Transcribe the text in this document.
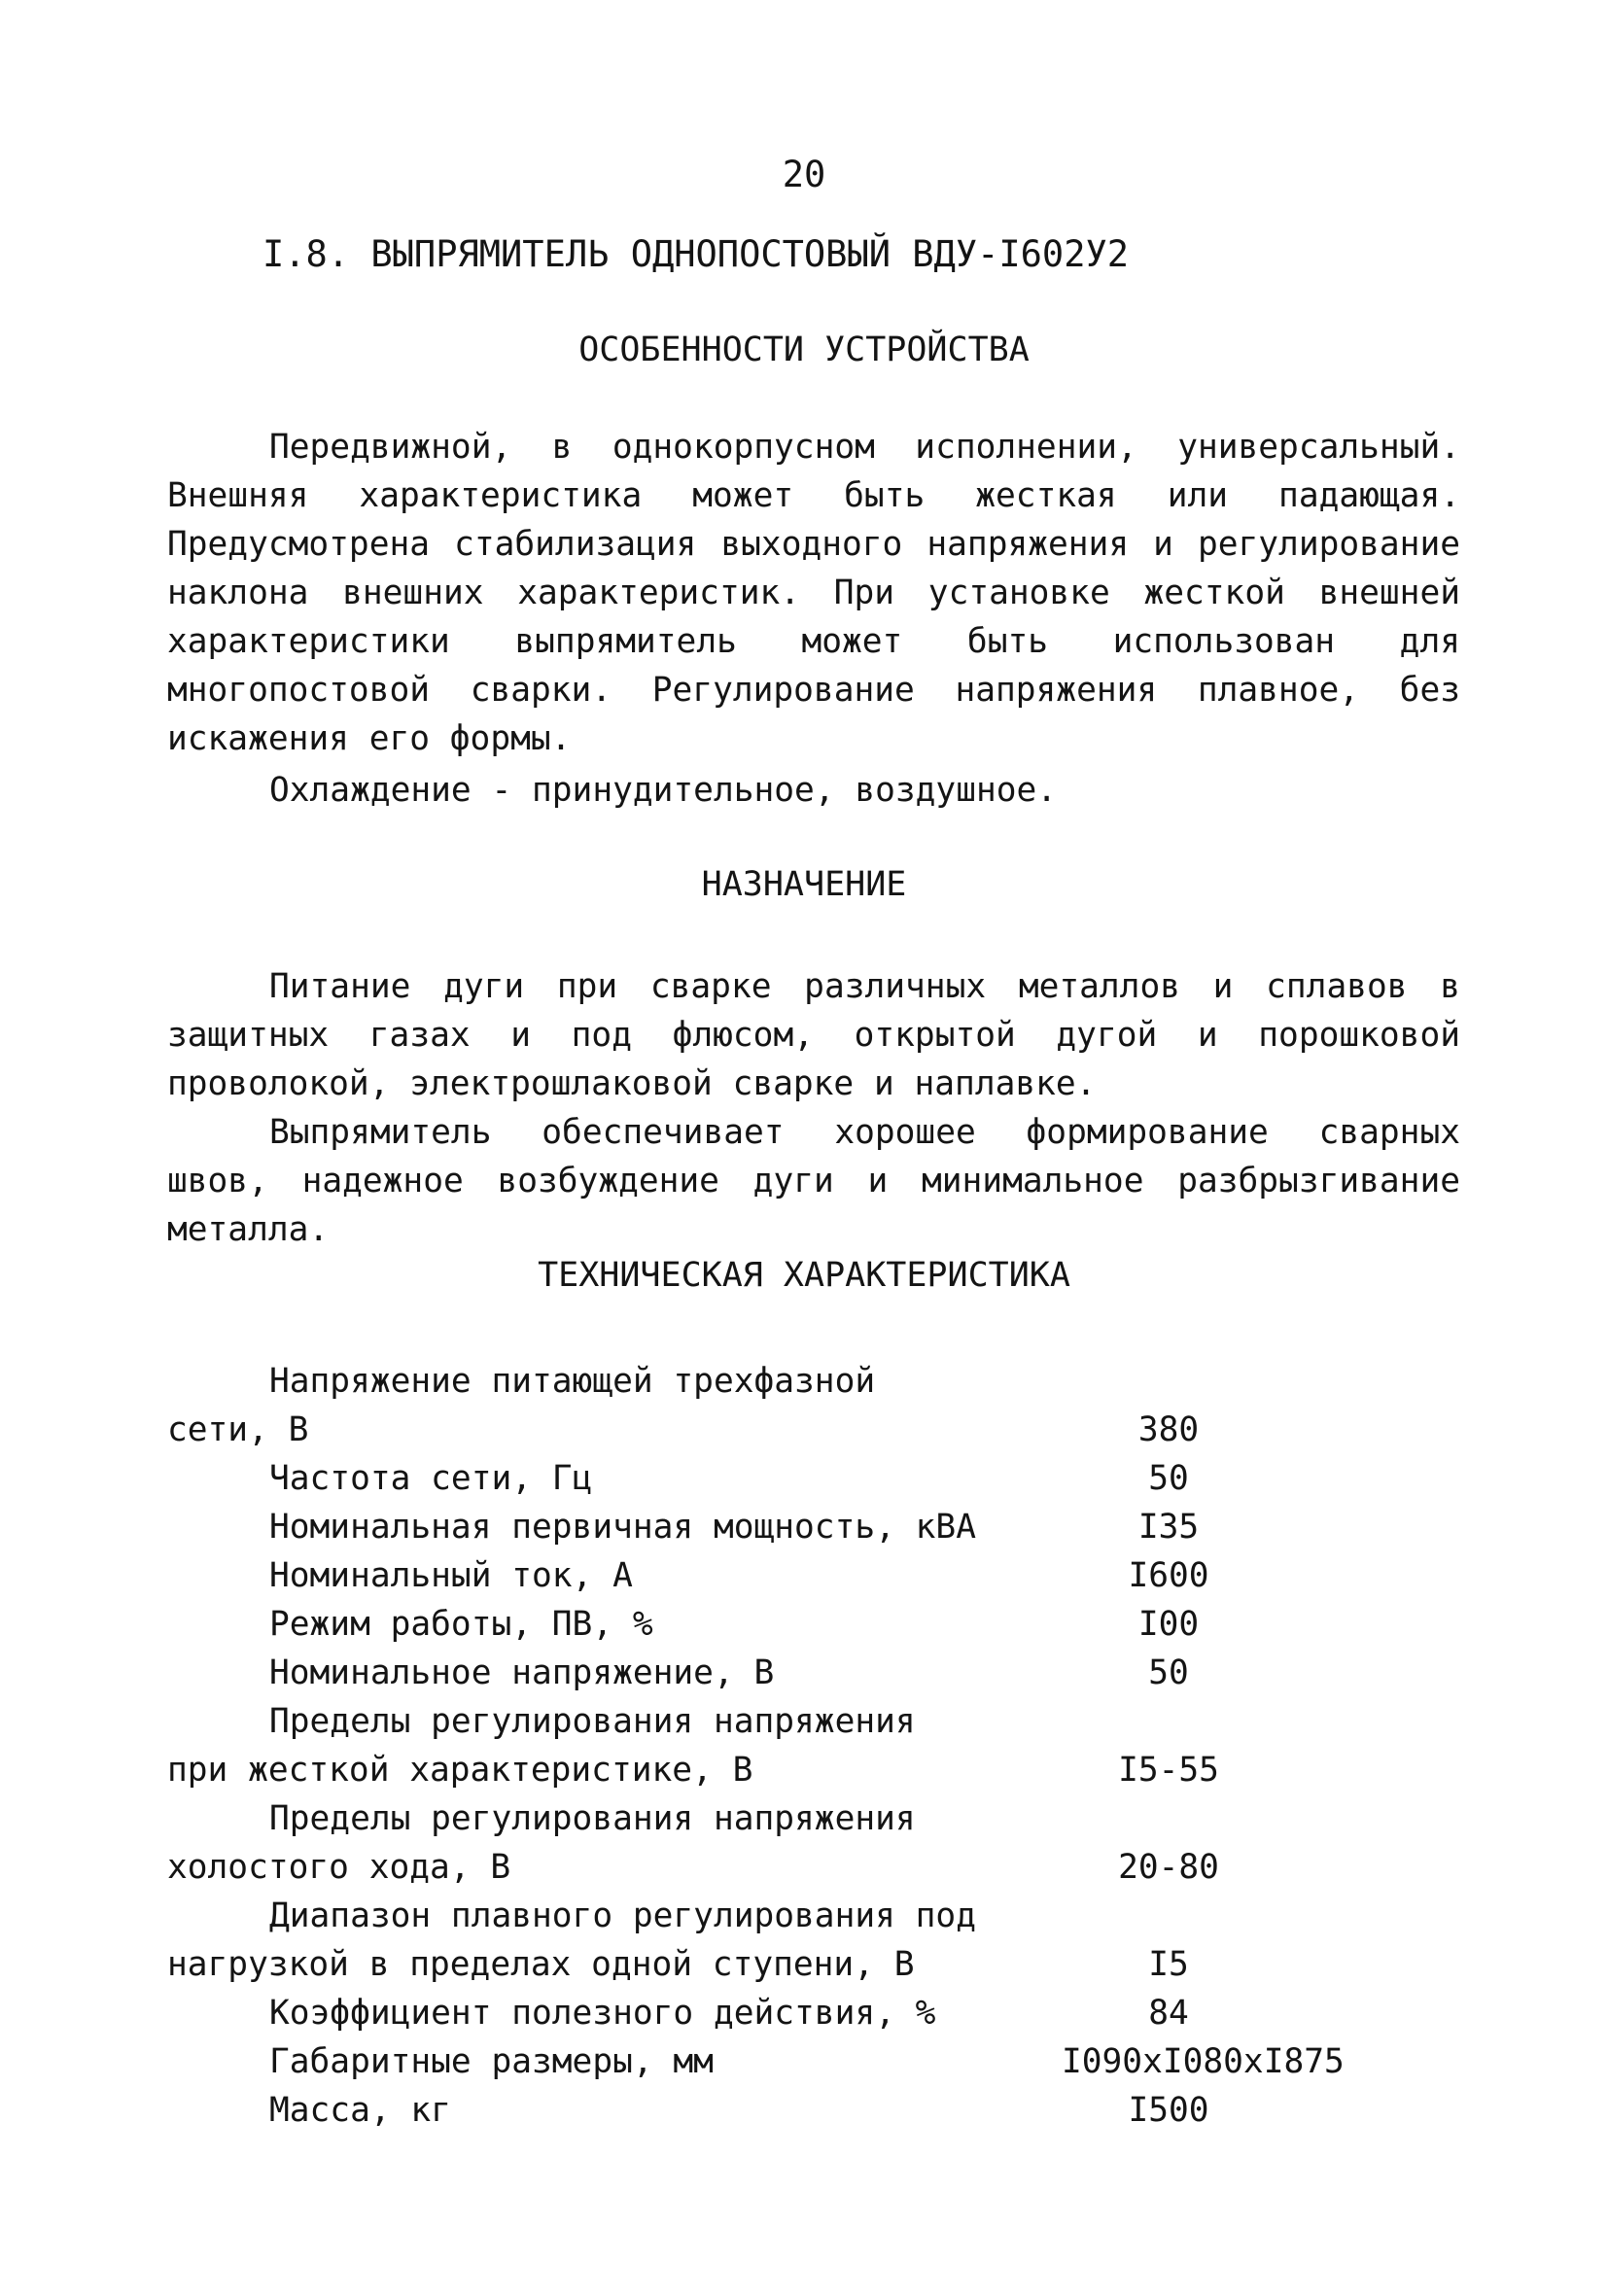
20
I.8. ВЫПРЯМИТЕЛЬ ОДНОПОСТОВЫЙ ВДУ-I602У2
ОСОБЕННОСТИ УСТРОЙСТВА
Передвижной, в однокорпусном исполнении, универсальный. Внешняя характеристика может быть жесткая или падающая. Предусмотрена стабилизация выходного напряжения и регулирование наклона внешних характеристик. При установке жесткой внешней характеристики выпрямитель может быть использован для многопостовой сварки. Регулирование напряжения плавное, без искажения его формы.
Охлаждение - принудительное, воздушное.
НАЗНАЧЕНИЕ
Питание дуги при сварке различных металлов и сплавов в защитных газах и под флюсом, открытой дугой и порошковой проволокой, электрошлаковой сварке и наплавке.
Выпрямитель обеспечивает хорошее формирование сварных швов, надежное возбуждение дуги и минимальное разбрызгивание металла.
ТЕХНИЧЕСКАЯ ХАРАКТЕРИСТИКА
Напряжение питающей трехфазной
сети, В	380
Частота сети, Гц	50
Номинальная первичная мощность, кВА	I35
Номинальный ток, А	I600
Режим работы, ПВ, %	I00
Номинальное напряжение, В	50
Пределы регулирования напряжения
при жесткой характеристике, В	I5-55
Пределы регулирования напряжения
холостого хода, В	20-80
Диапазон плавного регулирования под
нагрузкой в пределах одной ступени, В	I5
Коэффициент полезного действия, %	84
Габаритные размеры, мм	I090xI080xI875
Масса, кг	I500
